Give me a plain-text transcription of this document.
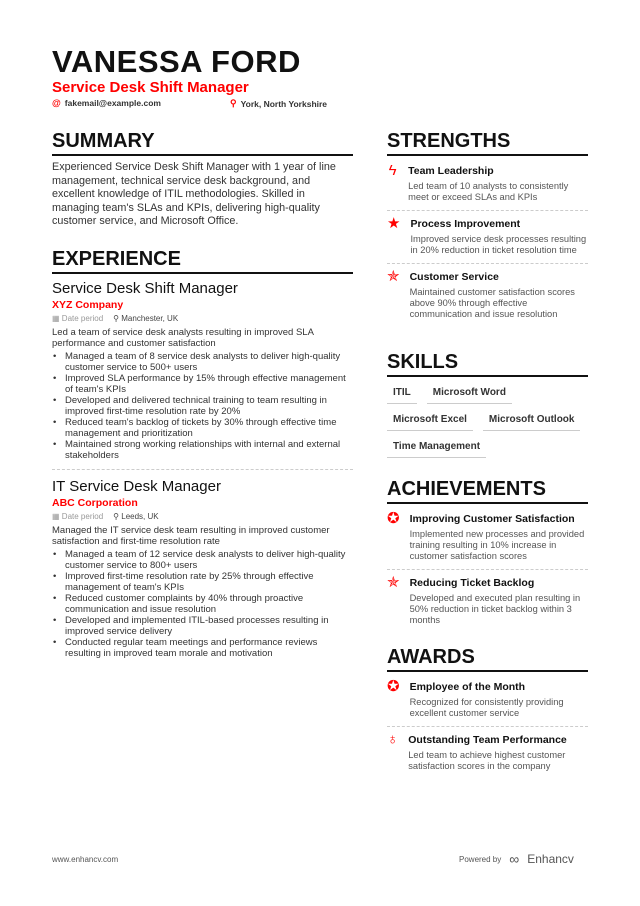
VANESSA FORD
Service Desk Shift Manager
@ fakemail@example.com	⚲ York, North Yorkshire
SUMMARY
Experienced Service Desk Shift Manager with 1 year of line management, technical service desk background, and excellent knowledge of ITIL methodologies. Skilled in managing team's SLAs and KPIs, delivering high-quality customer service, and Microsoft Office.
EXPERIENCE
Service Desk Shift Manager
XYZ Company
▦ Date period ⚲ Manchester, UK
Led a team of service desk analysts resulting in improved SLA performance and customer satisfaction
• Managed a team of 8 service desk analysts to deliver high-quality customer service to 500+ users
• Improved SLA performance by 15% through effective management of team's KPIs
• Developed and delivered technical training to team resulting in improved first-time resolution rate by 20%
• Reduced team's backlog of tickets by 30% through effective time management and prioritization
• Maintained strong working relationships with internal and external stakeholders
IT Service Desk Manager
ABC Corporation
▦ Date period ⚲ Leeds, UK
Managed the IT service desk team resulting in improved customer satisfaction and first-time resolution rate
• Managed a team of 12 service desk analysts to deliver high-quality customer service to 800+ users
• Improved first-time resolution rate by 25% through effective management of team's KPIs
• Reduced customer complaints by 40% through proactive communication and issue resolution
• Developed and implemented ITIL-based processes resulting in improved service delivery
• Conducted regular team meetings and performance reviews resulting in improved team morale and motivation
STRENGTHS
ϟ Team Leadership
Led team of 10 analysts to consistently meet or exceed SLAs and KPIs
★ Process Improvement
Improved service desk processes resulting in 20% reduction in ticket resolution time
✯ Customer Service
Maintained customer satisfaction scores above 90% through effective communication and issue resolution
SKILLS
ITIL	Microsoft Word
Microsoft Excel	Microsoft Outlook
Time Management
ACHIEVEMENTS
✪ Improving Customer Satisfaction
Implemented new processes and provided training resulting in 10% increase in customer satisfaction scores
✯ Reducing Ticket Backlog
Developed and executed plan resulting in 50% reduction in ticket backlog within 3 months
AWARDS
✪ Employee of the Month
Recognized for consistently providing excellent customer service
♁ Outstanding Team Performance
Led team to achieve highest customer satisfaction scores in the company
www.enhancv.com	Powered by ∞ Enhancv
